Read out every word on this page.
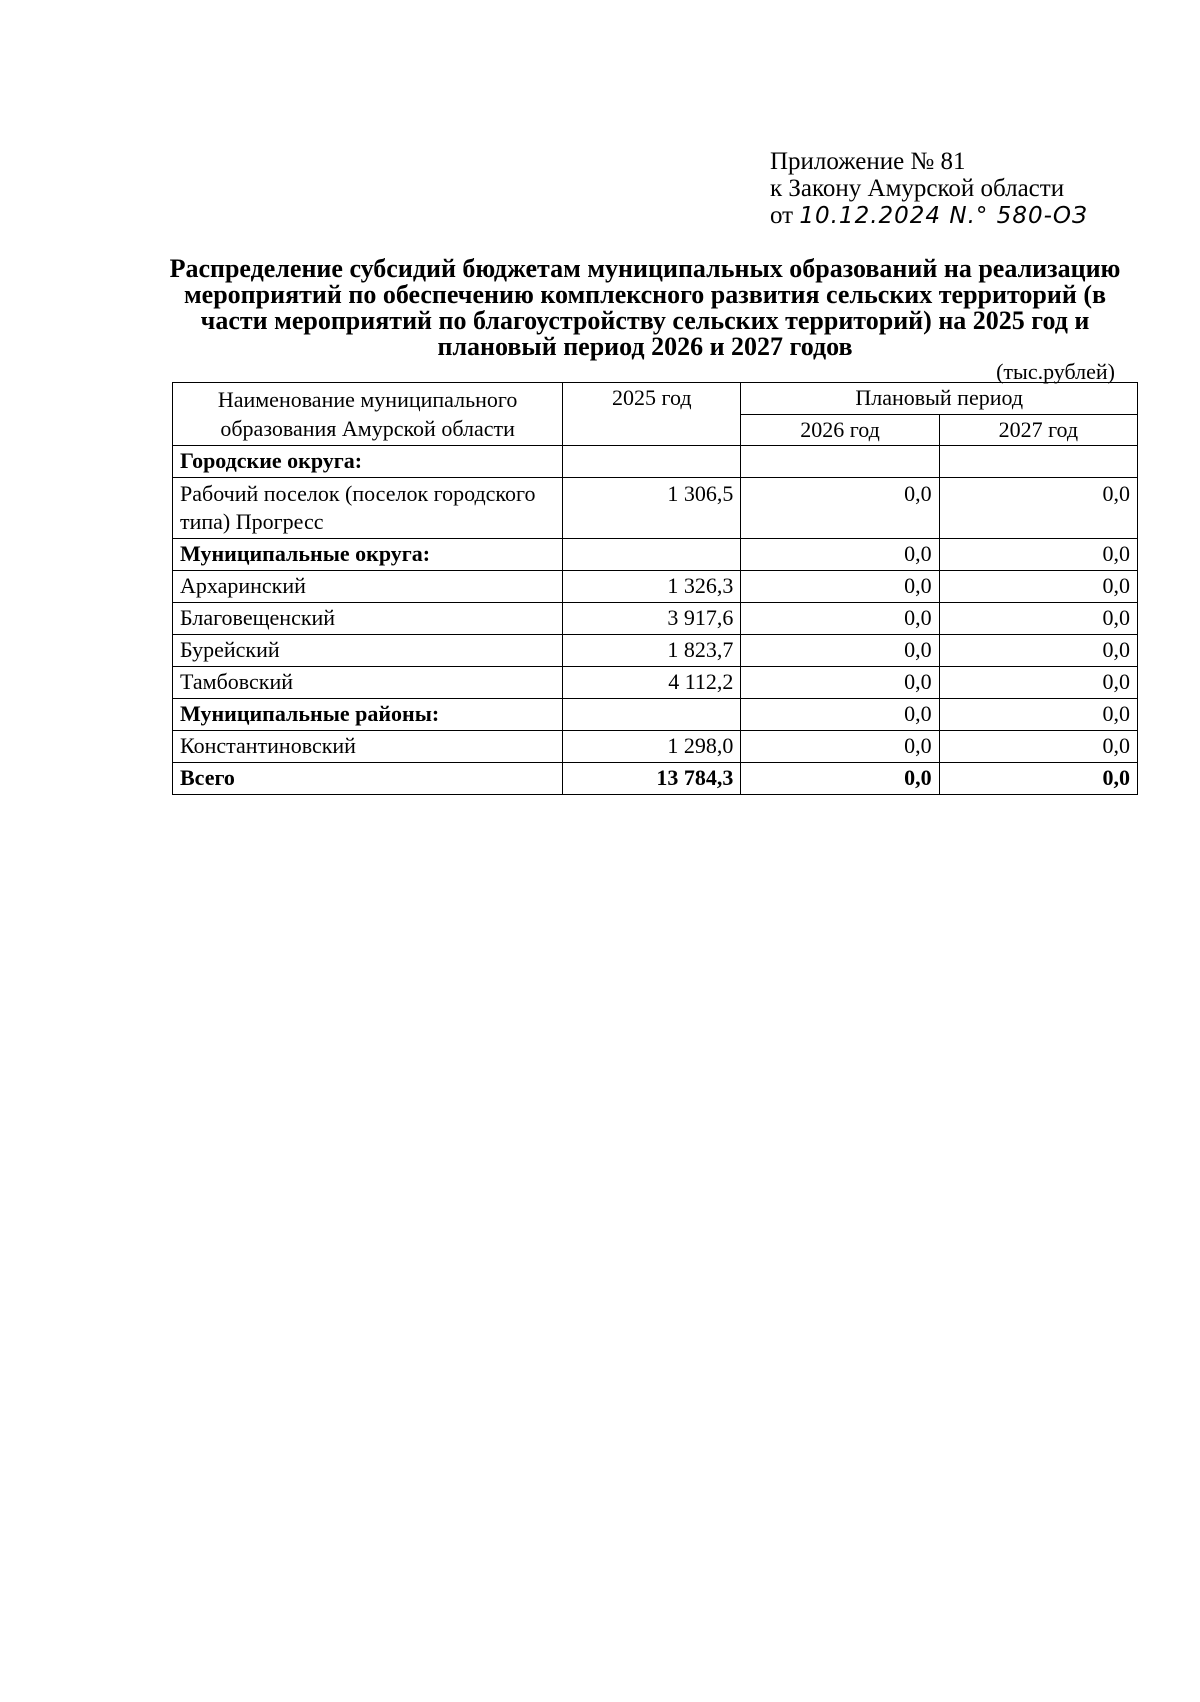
Приложение № 81
к Закону Амурской области
от 10.12.2024 N.° 580-ОЗ
Распределение субсидий бюджетам муниципальных образований на реализацию мероприятий по обеспечению комплексного развития сельских территорий (в части мероприятий по благоустройству сельских территорий) на 2025 год и плановый период 2026 и 2027 годов
(тыс.рублей)
Наименование муниципального образования Амурской области	2025 год	Плановый период	
		2026 год	2027 год
Городские округа:			
Рабочий поселок (поселок городского типа) Прогресс	1 306,5	0,0	0,0
Муниципальные округа:		0,0	0,0
Архаринский	1 326,3	0,0	0,0
Благовещенский	3 917,6	0,0	0,0
Бурейский	1 823,7	0,0	0,0
Тамбовский	4 112,2	0,0	0,0
Муниципальные районы:		0,0	0,0
Константиновский	1 298,0	0,0	0,0
Всего	13 784,3	0,0	0,0
